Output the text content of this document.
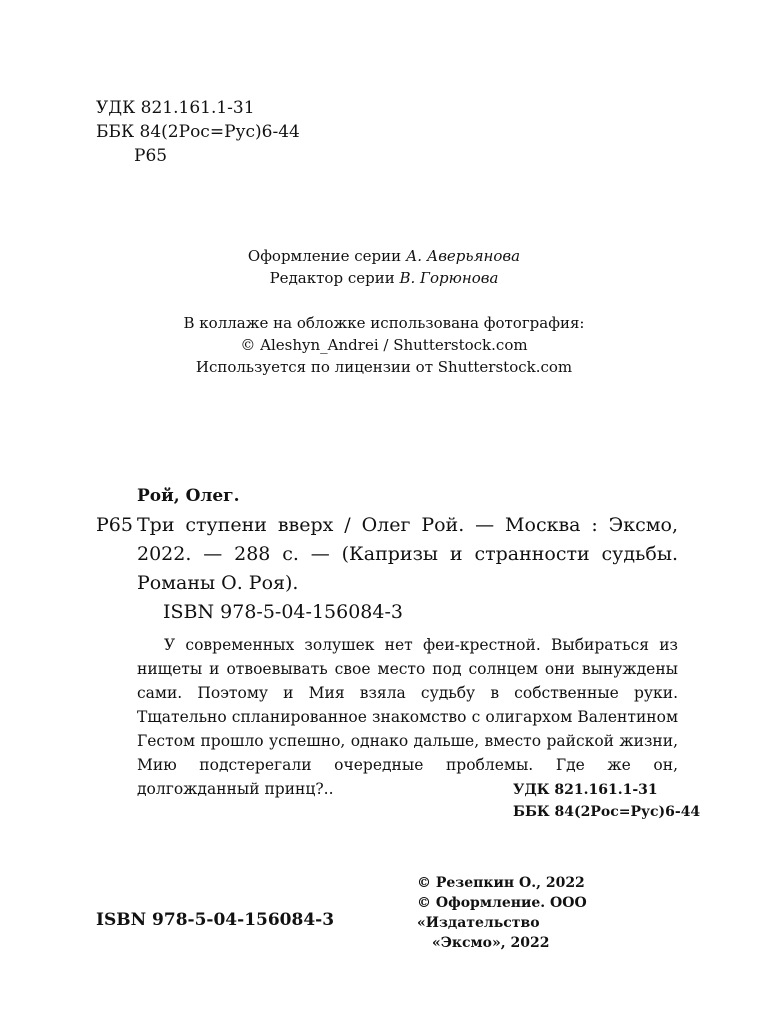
УДК 821.161.1-31
ББК 84(2Рос=Рус)6-44
Р65
Оформление серии А. Аверьянова
Редактор серии В. Горюнова
В коллаже на обложке использована фотография:
© Aleshyn_Andrei / Shutterstock.com
Используется по лицензии от Shutterstock.com
Рой, Олег.
Р65 Три ступени вверх / Олег Рой. — Москва : Эксмо, 2022. — 288 с. — (Капризы и странности судьбы. Романы О. Роя).
ISBN 978-5-04-156084-3
У современных золушек нет феи-крестной. Выбираться из нищеты и отвоевывать свое место под солнцем они вынуждены сами. Поэтому и Мия взяла судьбу в собственные руки. Тщательно спланированное знакомство с олигархом Валентином Гестом прошло успешно, однако дальше, вместо райской жизни, Мию подстерегали очередные проблемы. Где же он, долгожданный принц?..	УДК 821.161.1-31
ББК 84(2Рос=Рус)6-44
ISBN 978-5-04-156084-3
© Резепкин О., 2022
© Оформление. ООО «Издательство
«Эксмо», 2022
